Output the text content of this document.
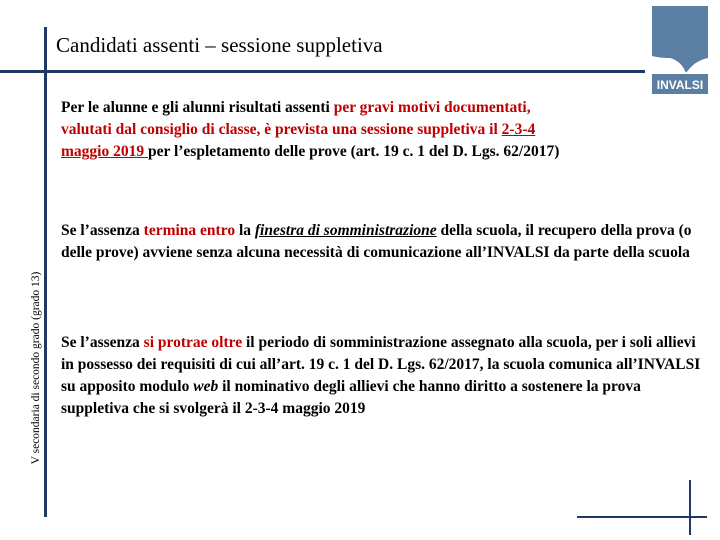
Candidati assenti – sessione suppletiva
V secondaria di secondo grado (grado 13)
INVALSI

Per le alunne e gli alunni risultati assenti per gravi motivi documentati,
valutati dal consiglio di classe, è prevista una sessione suppletiva il 2-3-4
maggio 2019 per l’espletamento delle prove (art. 19 c. 1 del D. Lgs. 62/2017)

Se l’assenza termina entro la finestra di somministrazione della scuola, il recupero della prova (o delle prove) avviene senza alcuna necessità di comunicazione all’INVALSI da parte della scuola

Se l’assenza si protrae oltre il periodo di somministrazione assegnato alla scuola, per i soli allievi in possesso dei requisiti di cui all’art. 19 c. 1 del D. Lgs. 62/2017, la scuola comunica all’INVALSI su apposito modulo web il nominativo degli allievi che hanno diritto a sostenere la prova suppletiva che si svolgerà il 2-3-4 maggio 2019
